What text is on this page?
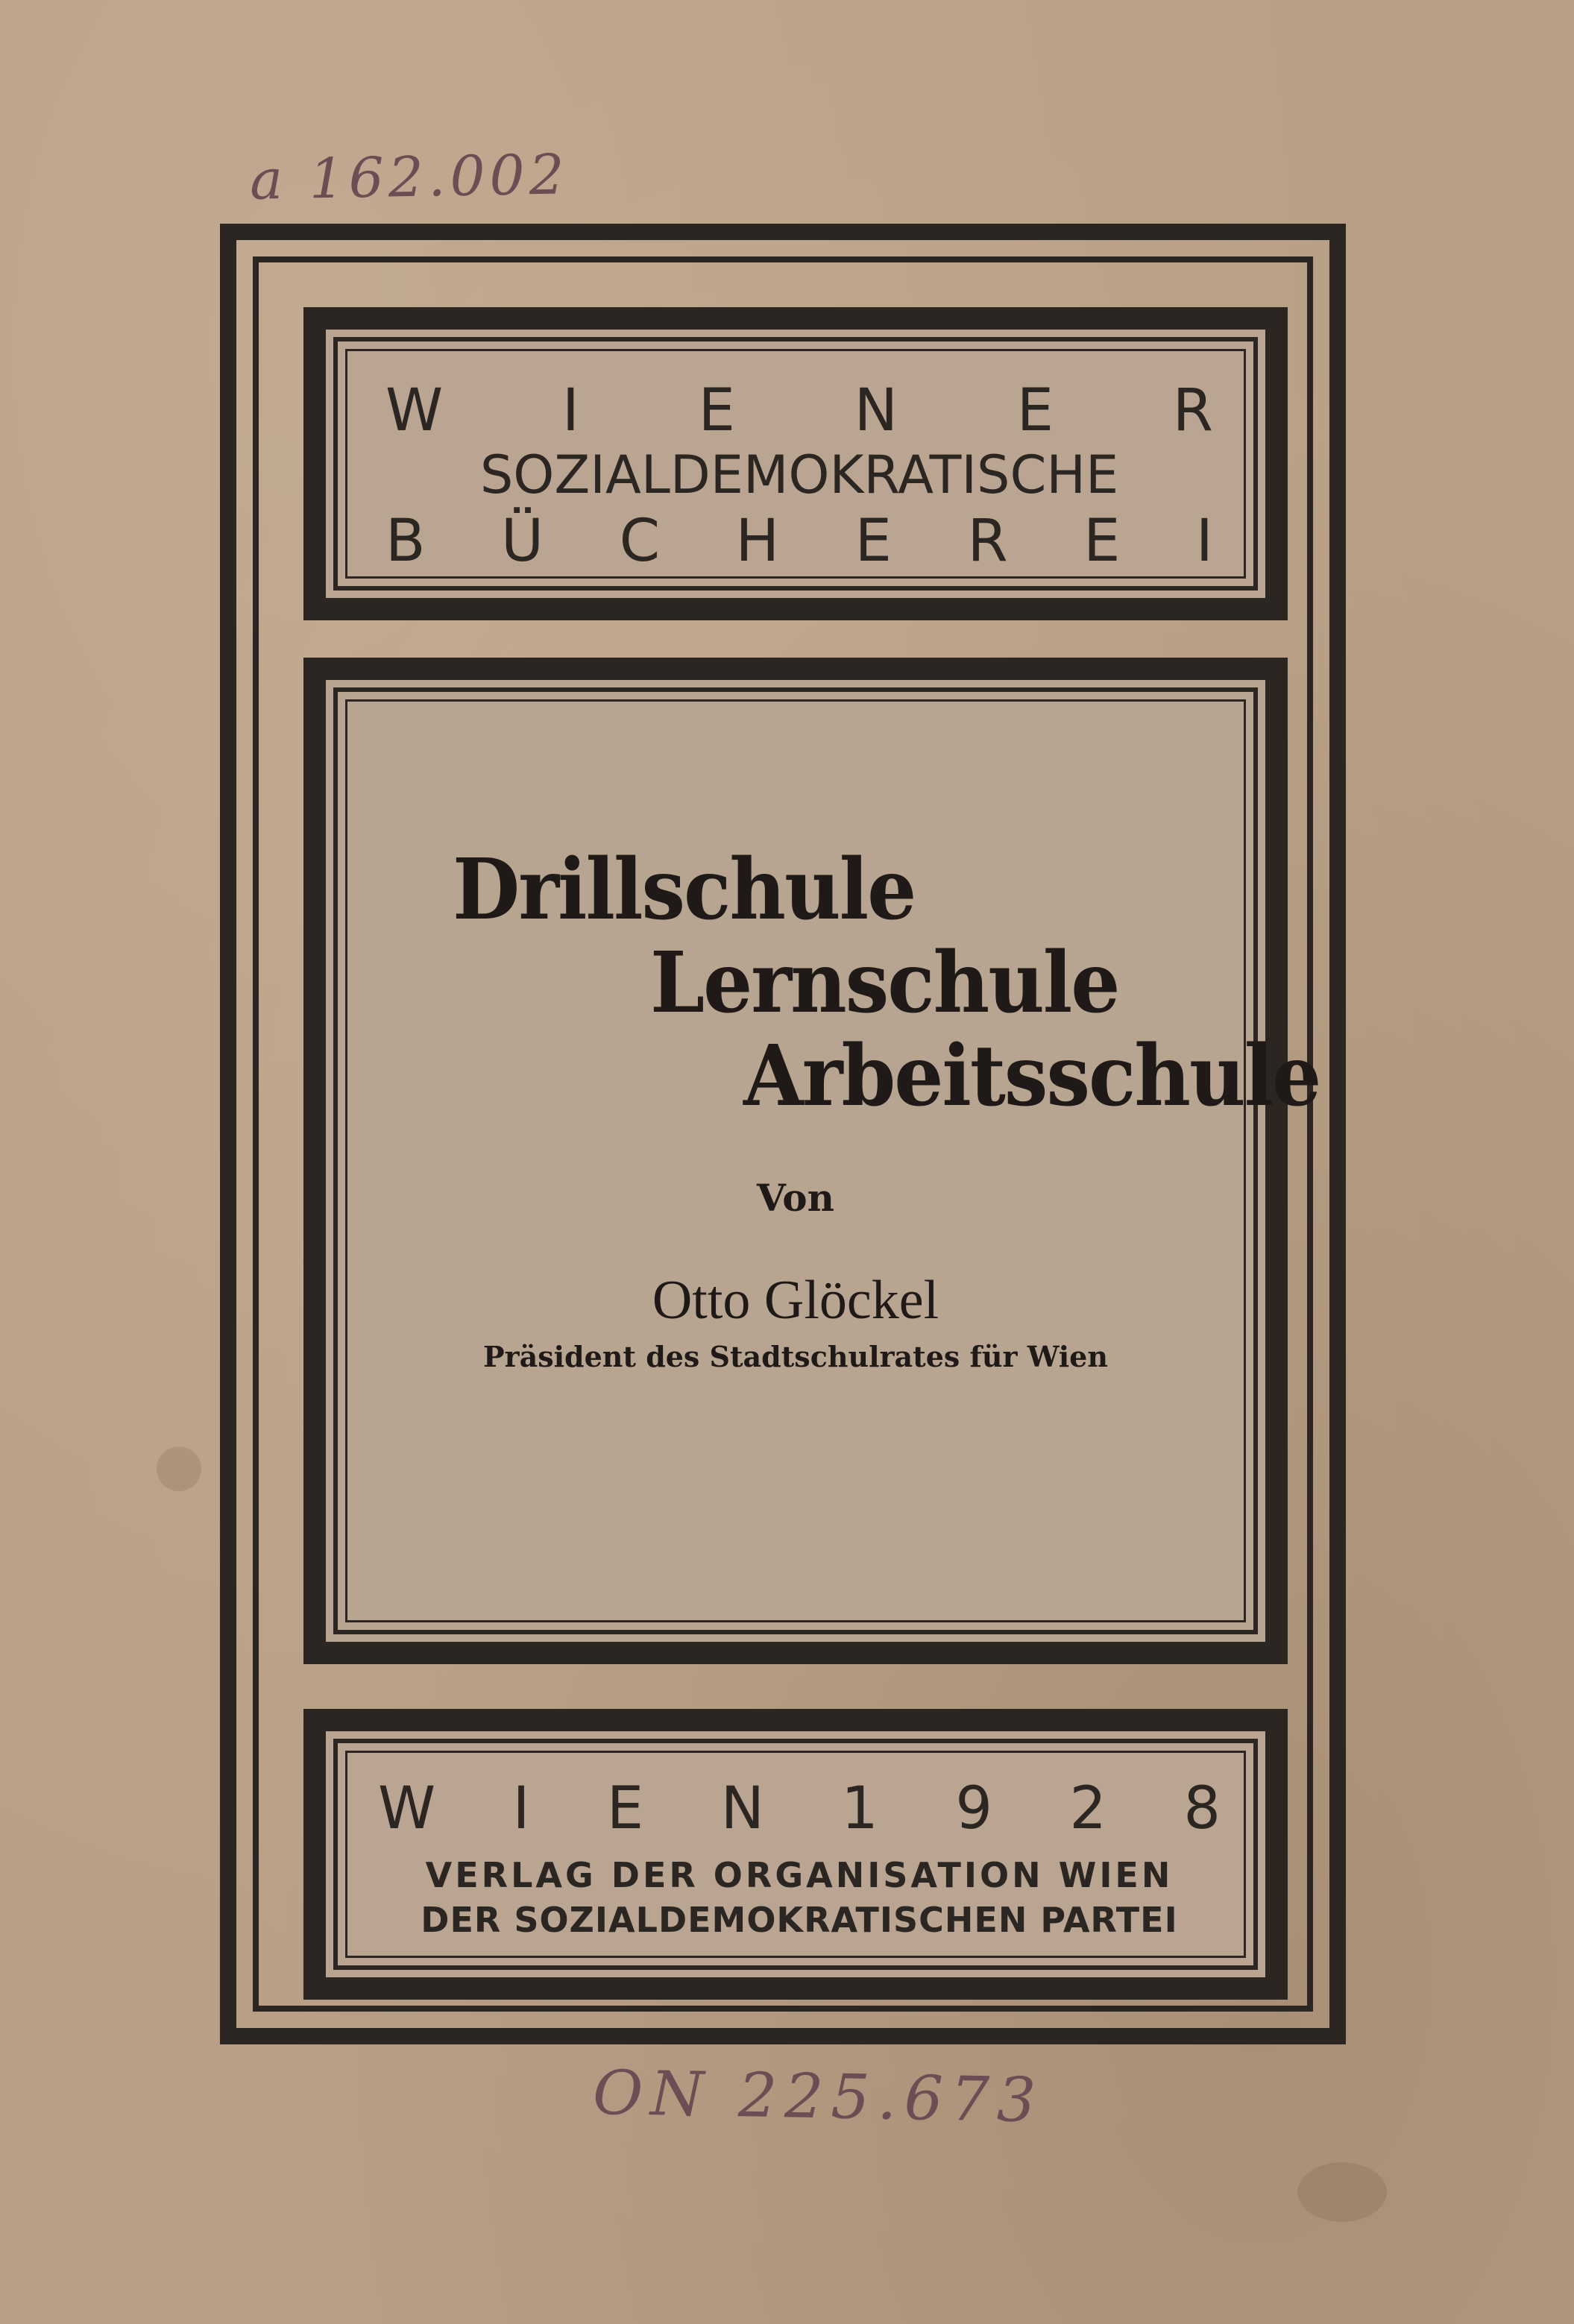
a 162.002
W I E N E R
SOZIALDEMOKRATISCHE
B Ü C H E R E I
Drillschule
Lernschule
Arbeitsschule
Von
Otto Glöckel
Präsident des Stadtschulrates für Wien
W I E N 1 9 2 8
VERLAG DER ORGANISATION WIEN
DER SOZIALDEMOKRATISCHEN PARTEI
ON 225.673
